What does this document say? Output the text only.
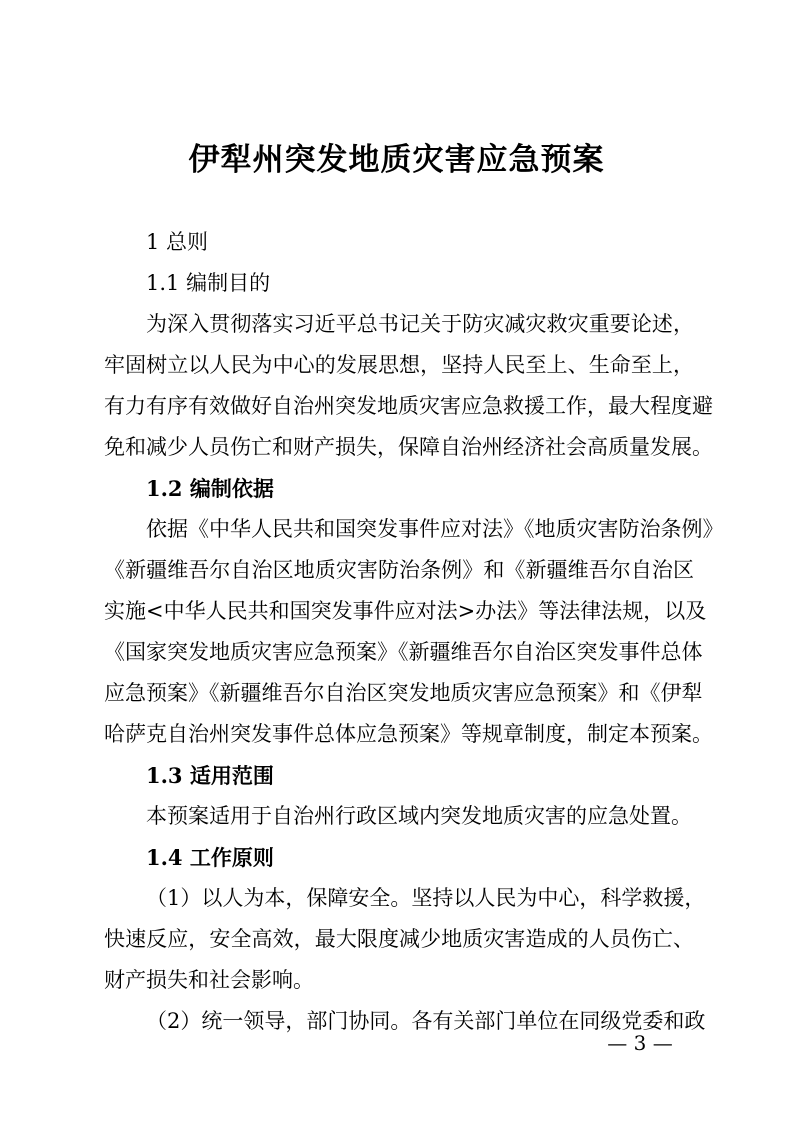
伊犁州突发地质灾害应急预案
1 总则
1.1 编制目的
为深入贯彻落实习近平总书记关于防灾减灾救灾重要论述，
牢固树立以人民为中心的发展思想，坚持人民至上、生命至上，
有力有序有效做好自治州突发地质灾害应急救援工作，最大程度避
免和减少人员伤亡和财产损失，保障自治州经济社会高质量发展。
1.2 编制依据
依据《中华人民共和国突发事件应对法》《地质灾害防治条例》
《新疆维吾尔自治区地质灾害防治条例》和《新疆维吾尔自治区
实施<中华人民共和国突发事件应对法>办法》等法律法规，以及
《国家突发地质灾害应急预案》《新疆维吾尔自治区突发事件总体
应急预案》《新疆维吾尔自治区突发地质灾害应急预案》和《伊犁
哈萨克自治州突发事件总体应急预案》等规章制度，制定本预案。
1.3 适用范围
本预案适用于自治州行政区域内突发地质灾害的应急处置。
1.4 工作原则
（1）以人为本，保障安全。坚持以人民为中心，科学救援，
快速反应，安全高效，最大限度减少地质灾害造成的人员伤亡、
财产损失和社会影响。
（2）统一领导，部门协同。各有关部门单位在同级党委和政
— 3 —
